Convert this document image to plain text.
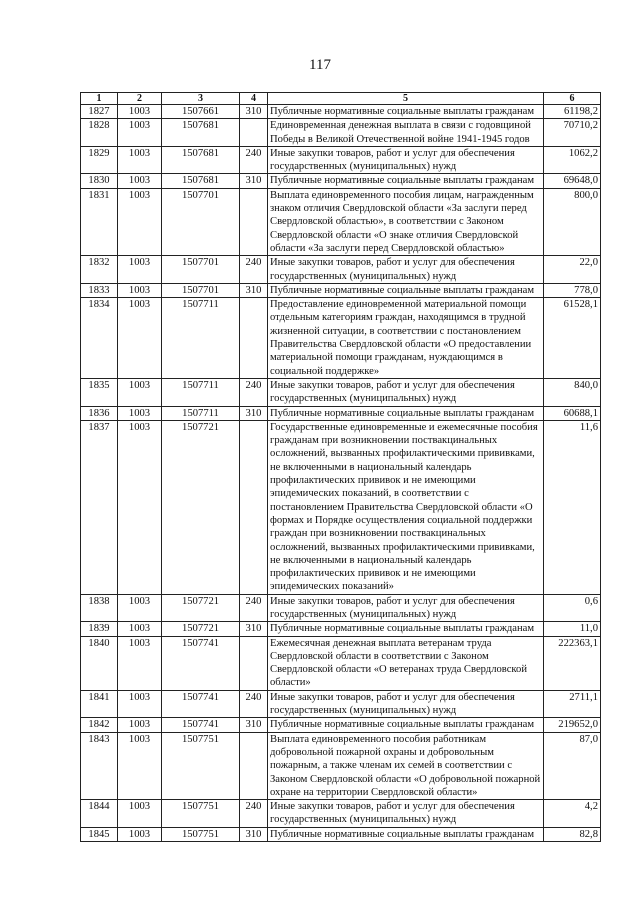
117
1	2	3	4	5	6
1827	1003	1507661	310	Публичные нормативные социальные выплаты гражданам	61198,2
1828	1003	1507681		Единовременная денежная выплата в связи с годовщиной Победы в Великой Отечественной войне 1941-1945 годов	70710,2
1829	1003	1507681	240	Иные закупки товаров, работ и услуг для обеспечения государственных (муниципальных) нужд	1062,2
1830	1003	1507681	310	Публичные нормативные социальные выплаты гражданам	69648,0
1831	1003	1507701		Выплата единовременного пособия лицам, награжденным знаком отличия Свердловской области «За заслуги перед Свердловской областью», в соответствии с Законом Свердловской области «О знаке отличия Свердловской области «За заслуги перед Свердловской областью»	800,0
1832	1003	1507701	240	Иные закупки товаров, работ и услуг для обеспечения государственных (муниципальных) нужд	22,0
1833	1003	1507701	310	Публичные нормативные социальные выплаты гражданам	778,0
1834	1003	1507711		Предоставление единовременной материальной помощи отдельным категориям граждан, находящимся в трудной жизненной ситуации, в соответствии с постановлением Правительства Свердловской области «О предоставлении материальной помощи гражданам, нуждающимся в социальной поддержке»	61528,1
1835	1003	1507711	240	Иные закупки товаров, работ и услуг для обеспечения государственных (муниципальных) нужд	840,0
1836	1003	1507711	310	Публичные нормативные социальные выплаты гражданам	60688,1
1837	1003	1507721		Государственные единовременные и ежемесячные пособия гражданам при возникновении поствакцинальных осложнений, вызванных профилактическими прививками, не включенными в национальный календарь профилактических прививок и не имеющими эпидемических показаний, в соответствии с постановлением Правительства Свердловской области «О формах и Порядке осуществления социальной поддержки граждан при возникновении поствакцинальных осложнений, вызванных профилактическими прививками, не включенными в национальный календарь профилактических прививок и не имеющими эпидемических показаний»	11,6
1838	1003	1507721	240	Иные закупки товаров, работ и услуг для обеспечения государственных (муниципальных) нужд	0,6
1839	1003	1507721	310	Публичные нормативные социальные выплаты гражданам	11,0
1840	1003	1507741		Ежемесячная денежная выплата ветеранам труда Свердловской области в соответствии с Законом Свердловской области «О ветеранах труда Свердловской области»	222363,1
1841	1003	1507741	240	Иные закупки товаров, работ и услуг для обеспечения государственных (муниципальных) нужд	2711,1
1842	1003	1507741	310	Публичные нормативные социальные выплаты гражданам	219652,0
1843	1003	1507751		Выплата единовременного пособия работникам добровольной пожарной охраны и добровольным пожарным, а также членам их семей в соответствии с Законом Свердловской области «О добровольной пожарной охране на территории Свердловской области»	87,0
1844	1003	1507751	240	Иные закупки товаров, работ и услуг для обеспечения государственных (муниципальных) нужд	4,2
1845	1003	1507751	310	Публичные нормативные социальные выплаты гражданам	82,8
